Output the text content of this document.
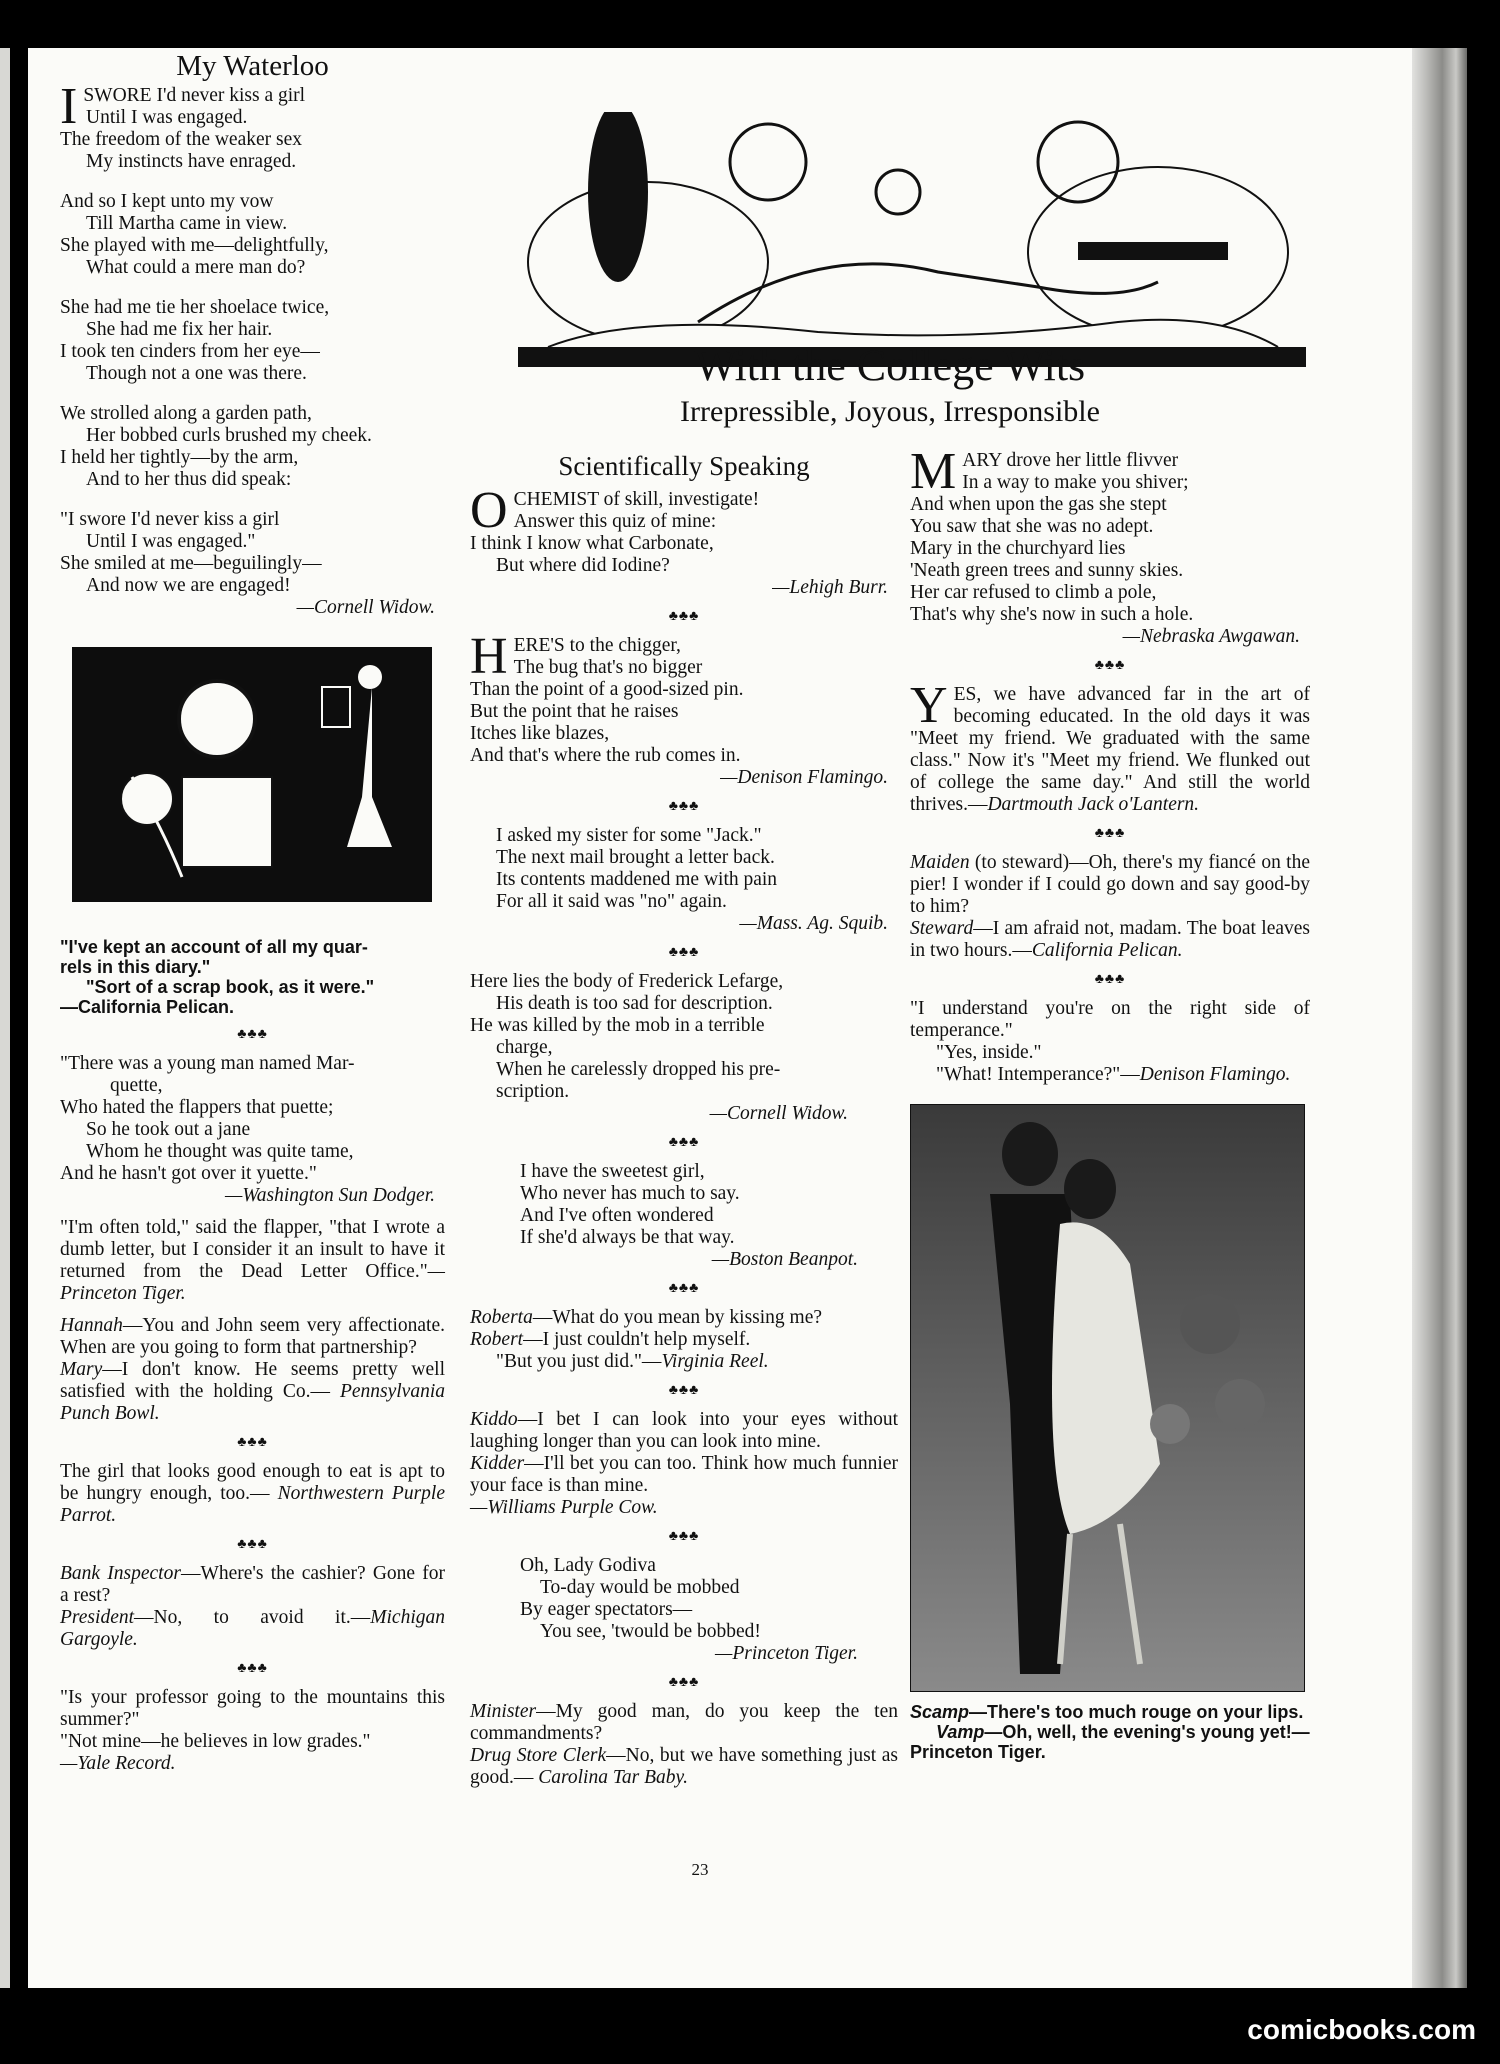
With the College Wits
Irrepressible, Joyous, Irresponsible
My Waterloo
ISWORE I'd never kiss a girl
Until I was engaged.
The freedom of the weaker sex
My instincts have enraged.
And so I kept unto my vow
Till Martha came in view.
She played with me—delightfully,
What could a mere man do?
She had me tie her shoelace twice,
She had me fix her hair.
I took ten cinders from her eye—
Though not a one was there.
We strolled along a garden path,
Her bobbed curls brushed my cheek.
I held her tightly—by the arm,
And to her thus did speak:
"I swore I'd never kiss a girl
Until I was engaged."
She smiled at me—beguilingly—
And now we are engaged!
—Cornell Widow.
"I've kept an account of all my quar-
rels in this diary."
"Sort of a scrap book, as it were."
—California Pelican.
♣♣♣
"There was a young man named Mar-
quette,
Who hated the flappers that puette;
So he took out a jane
Whom he thought was quite tame,
And he hasn't got over it yuette."
—Washington Sun Dodger.
"I'm often told," said the flapper, "that I wrote a dumb letter, but I consider it an insult to have it returned from the Dead Letter Office."—Princeton Tiger.
Hannah—You and John seem very affectionate. When are you going to form that partnership?
Mary—I don't know. He seems pretty well satisfied with the holding Co.— Pennsylvania Punch Bowl.
♣♣♣
The girl that looks good enough to eat is apt to be hungry enough, too.— Northwestern Purple Parrot.
♣♣♣
Bank Inspector—Where's the cashier? Gone for a rest?
President—No, to avoid it.—Michigan Gargoyle.
♣♣♣
"Is your professor going to the mountains this summer?"
"Not mine—he believes in low grades."
—Yale Record.
Scientifically Speaking
OCHEMIST of skill, investigate!
Answer this quiz of mine:
I think I know what Carbonate,
But where did Iodine?
—Lehigh Burr.
♣♣♣
HERE'S to the chigger,
The bug that's no bigger
Than the point of a good-sized pin.
But the point that he raises
Itches like blazes,
And that's where the rub comes in.
—Denison Flamingo.
♣♣♣
I asked my sister for some "Jack."
The next mail brought a letter back.
Its contents maddened me with pain
For all it said was "no" again.
—Mass. Ag. Squib.
♣♣♣
Here lies the body of Frederick Lefarge,
His death is too sad for description.
He was killed by the mob in a terrible
charge,
When he carelessly dropped his pre-
scription.
—Cornell Widow.
♣♣♣
I have the sweetest girl,
Who never has much to say.
And I've often wondered
If she'd always be that way.
—Boston Beanpot.
♣♣♣
Roberta—What do you mean by kissing me?
Robert—I just couldn't help myself.
"But you just did."—Virginia Reel.
♣♣♣
Kiddo—I bet I can look into your eyes without laughing longer than you can look into mine.
Kidder—I'll bet you can too. Think how much funnier your face is than mine.
—Williams Purple Cow.
♣♣♣
Oh, Lady Godiva
To-day would be mobbed
By eager spectators—
You see, 'twould be bobbed!
—Princeton Tiger.
♣♣♣
Minister—My good man, do you keep the ten commandments?
Drug Store Clerk—No, but we have something just as good.— Carolina Tar Baby.
MARY drove her little flivver
In a way to make you shiver;
And when upon the gas she stept
You saw that she was no adept.
Mary in the churchyard lies
'Neath green trees and sunny skies.
Her car refused to climb a pole,
That's why she's now in such a hole.
—Nebraska Awgawan.
♣♣♣
YES, we have advanced far in the art of becoming educated. In the old days it was "Meet my friend. We graduated with the same class." Now it's "Meet my friend. We flunked out of college the same day." And still the world thrives.—Dartmouth Jack o'Lantern.
♣♣♣
Maiden (to steward)—Oh, there's my fiancé on the pier! I wonder if I could go down and say good-by to him?
Steward—I am afraid not, madam. The boat leaves in two hours.—California Pelican.
♣♣♣
"I understand you're on the right side of temperance."
"Yes, inside."
"What! Intemperance?"—Denison Flamingo.
Scamp—There's too much rouge on your lips.
Vamp—Oh, well, the evening's young yet!—Princeton Tiger.
23
comicbooks.com
